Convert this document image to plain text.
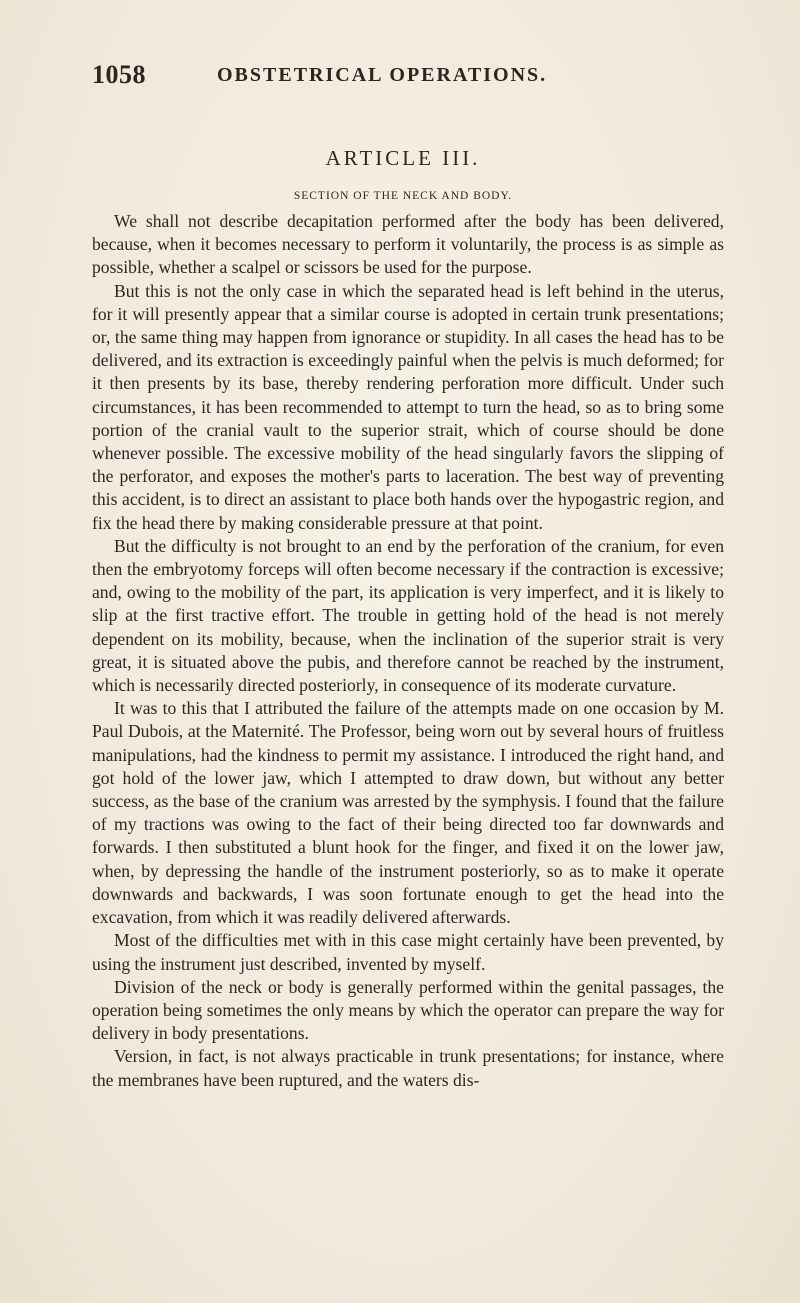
1058	OBSTETRICAL OPERATIONS.
ARTICLE III.
SECTION OF THE NECK AND BODY.

We shall not describe decapitation performed after the body has been delivered, because, when it becomes necessary to perform it voluntarily, the process is as simple as possible, whether a scalpel or scissors be used for the purpose.

But this is not the only case in which the separated head is left behind in the uterus, for it will presently appear that a similar course is adopted in certain trunk presentations; or, the same thing may happen from ignorance or stupidity. In all cases the head has to be delivered, and its extraction is exceedingly painful when the pelvis is much deformed; for it then presents by its base, thereby rendering perforation more difficult. Under such circumstances, it has been recommended to attempt to turn the head, so as to bring some portion of the cranial vault to the superior strait, which of course should be done whenever possible. The excessive mobility of the head singularly favors the slipping of the perforator, and exposes the mother's parts to laceration. The best way of preventing this accident, is to direct an assistant to place both hands over the hypogastric region, and fix the head there by making considerable pressure at that point.

But the difficulty is not brought to an end by the perforation of the cranium, for even then the embryotomy forceps will often become necessary if the contraction is excessive; and, owing to the mobility of the part, its application is very imperfect, and it is likely to slip at the first tractive effort. The trouble in getting hold of the head is not merely dependent on its mobility, because, when the inclination of the superior strait is very great, it is situated above the pubis, and therefore cannot be reached by the instrument, which is necessarily directed posteriorly, in consequence of its moderate curvature.

It was to this that I attributed the failure of the attempts made on one occasion by M. Paul Dubois, at the Maternité. The Professor, being worn out by several hours of fruitless manipulations, had the kindness to permit my assistance. I introduced the right hand, and got hold of the lower jaw, which I attempted to draw down, but without any better success, as the base of the cranium was arrested by the symphysis. I found that the failure of my tractions was owing to the fact of their being directed too far downwards and forwards. I then substituted a blunt hook for the finger, and fixed it on the lower jaw, when, by depressing the handle of the instrument posteriorly, so as to make it operate downwards and backwards, I was soon fortunate enough to get the head into the excavation, from which it was readily delivered afterwards.

Most of the difficulties met with in this case might certainly have been prevented, by using the instrument just described, invented by myself.

Division of the neck or body is generally performed within the genital passages, the operation being sometimes the only means by which the operator can prepare the way for delivery in body presentations.

Version, in fact, is not always practicable in trunk presentations; for instance, where the membranes have been ruptured, and the waters dis-
